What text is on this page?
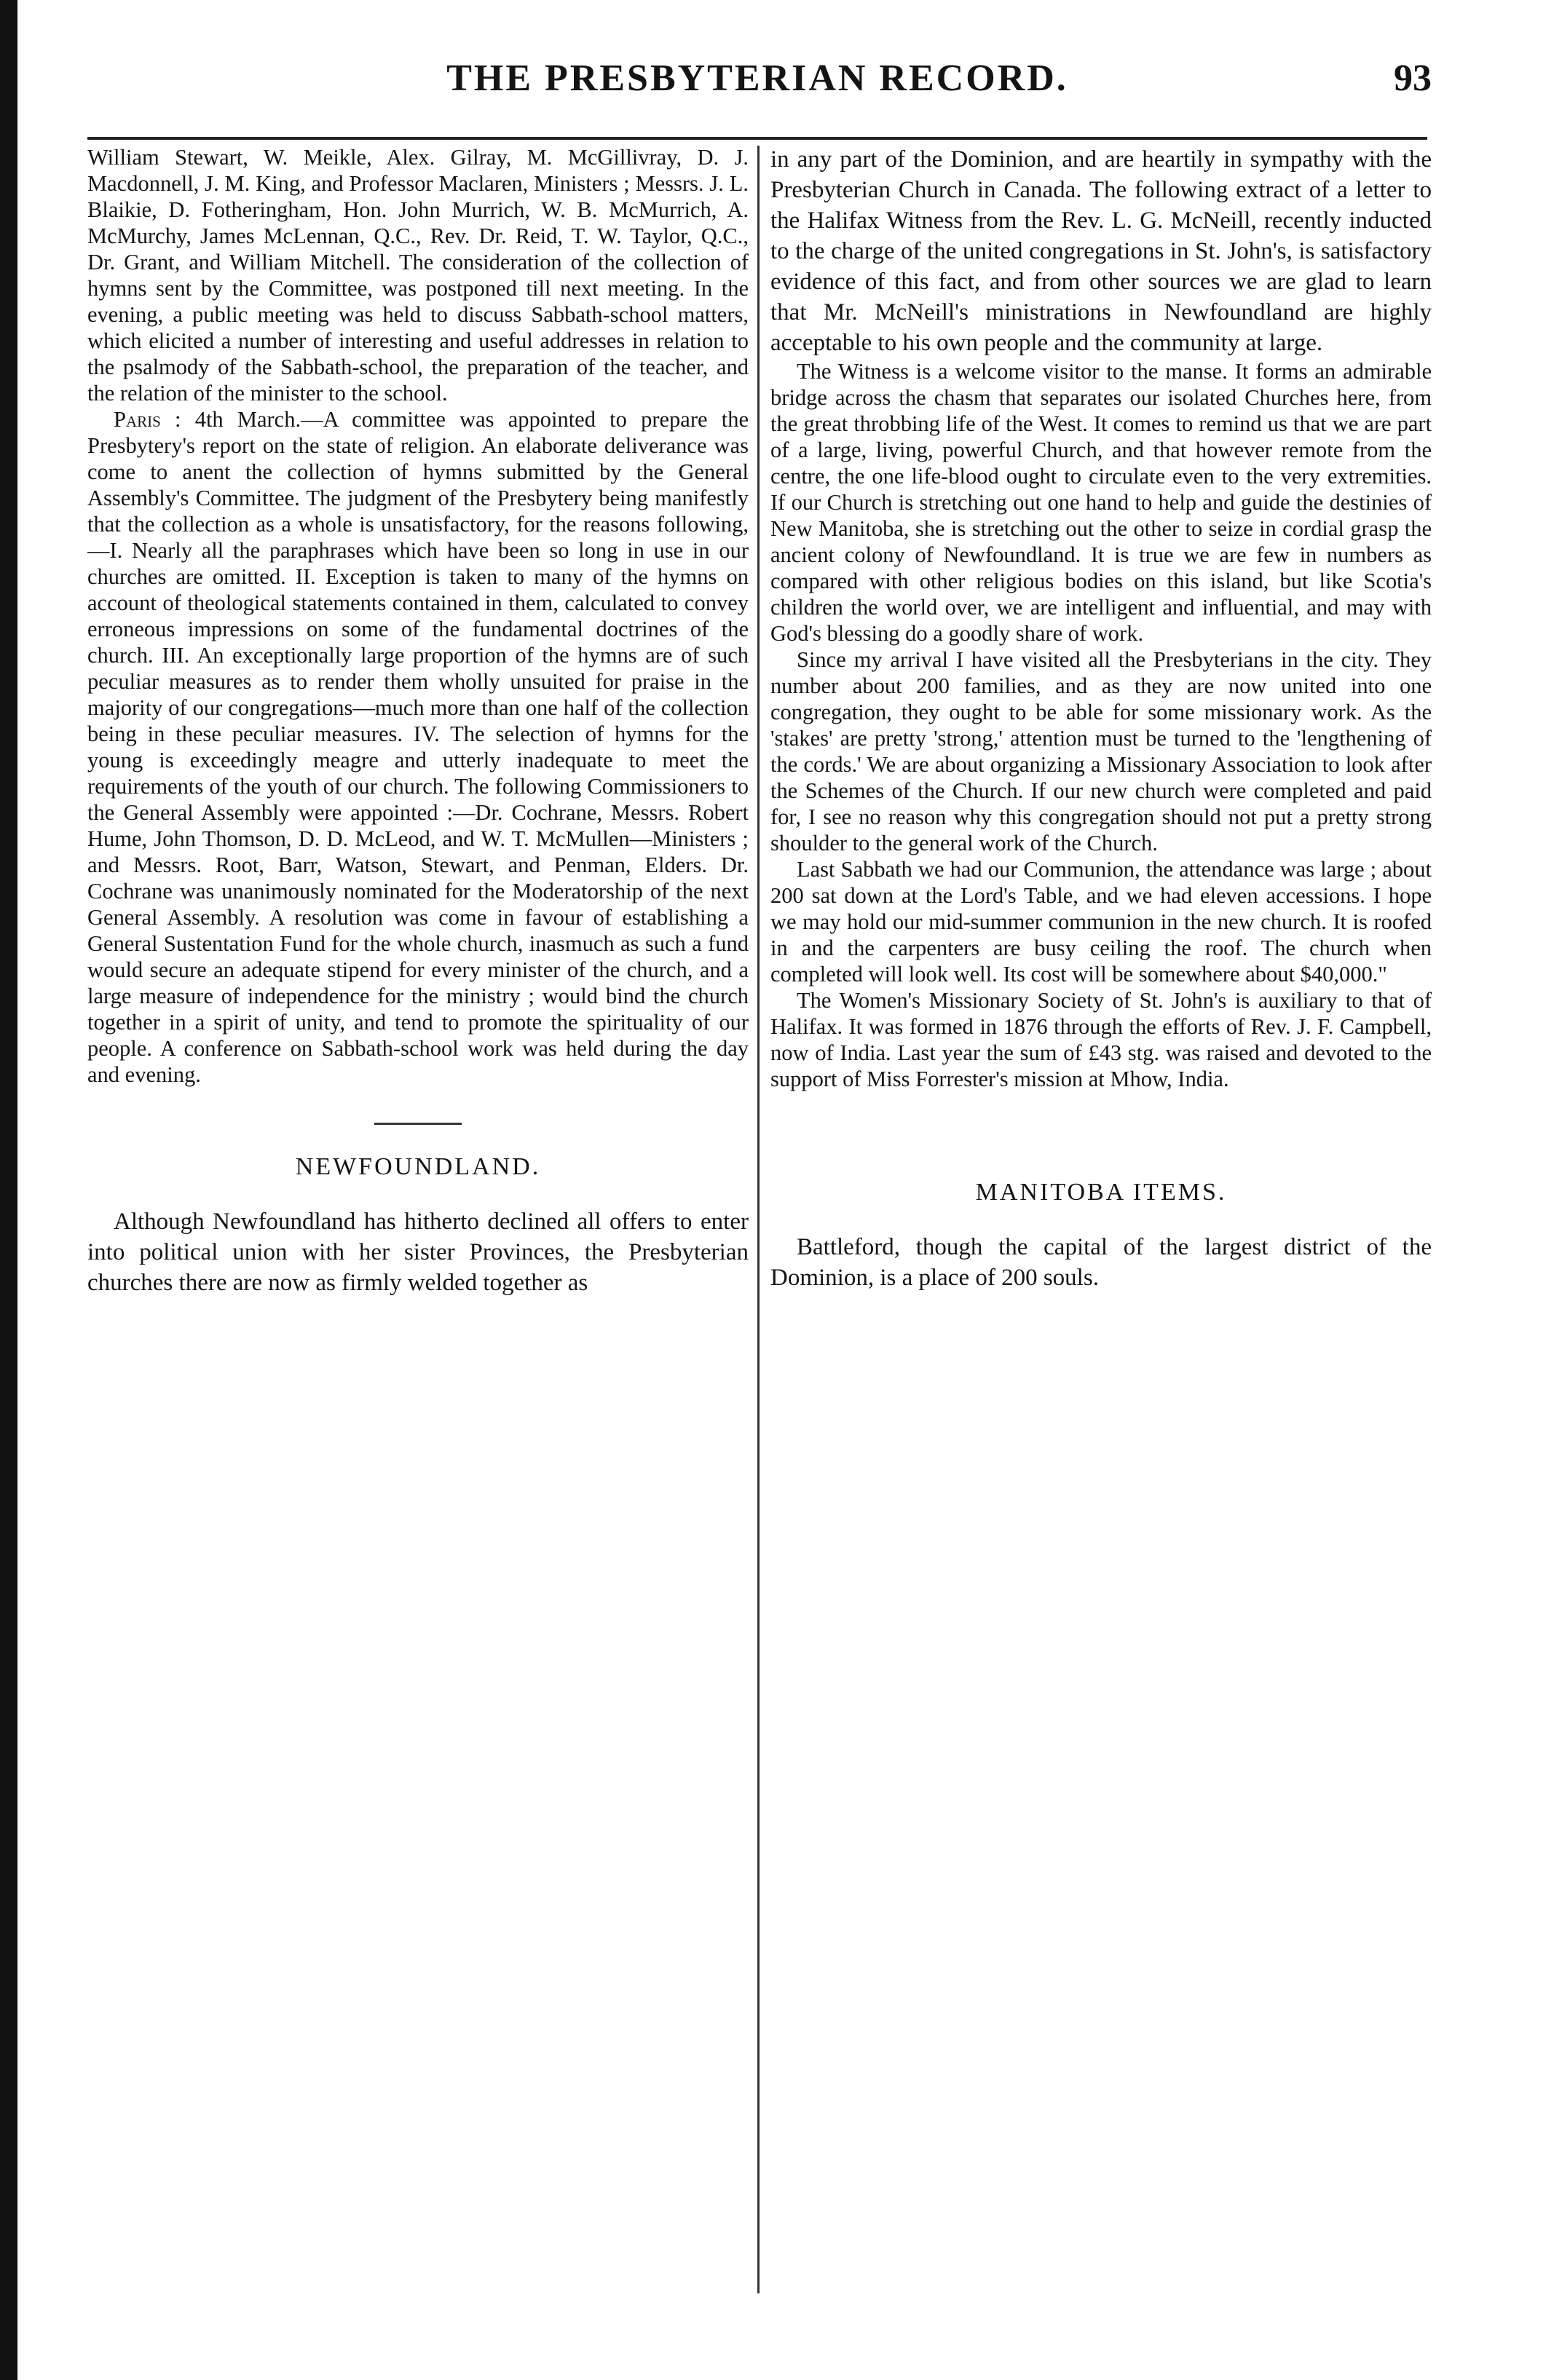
THE PRESBYTERIAN RECORD.	93

William Stewart, W. Meikle, Alex. Gilray, M. McGillivray, D. J. Macdonnell, J. M. King, and Professor Maclaren, Ministers ; Messrs. J. L. Blaikie, D. Fotheringham, Hon. John Murrich, W. B. McMurrich, A. McMurchy, James McLennan, Q.C., Rev. Dr. Reid, T. W. Taylor, Q.C., Dr. Grant, and William Mitchell. The consideration of the collection of hymns sent by the Committee, was postponed till next meeting. In the evening, a public meeting was held to discuss Sabbath-school matters, which elicited a number of interesting and useful addresses in relation to the psalmody of the Sabbath-school, the preparation of the teacher, and the relation of the minister to the school.

Paris : 4th March.—A committee was appointed to prepare the Presbytery's report on the state of religion. An elaborate deliverance was come to anent the collection of hymns submitted by the General Assembly's Committee. The judgment of the Presbytery being manifestly that the collection as a whole is unsatisfactory, for the reasons following,—I. Nearly all the paraphrases which have been so long in use in our churches are omitted. II. Exception is taken to many of the hymns on account of theological statements contained in them, calculated to convey erroneous impressions on some of the fundamental doctrines of the church. III. An exceptionally large proportion of the hymns are of such peculiar measures as to render them wholly unsuited for praise in the majority of our congregations—much more than one half of the collection being in these peculiar measures. IV. The selection of hymns for the young is exceedingly meagre and utterly inadequate to meet the requirements of the youth of our church. The following Commissioners to the General Assembly were appointed :—Dr. Cochrane, Messrs. Robert Hume, John Thomson, D. D. McLeod, and W. T. McMullen—Ministers ; and Messrs. Root, Barr, Watson, Stewart, and Penman, Elders. Dr. Cochrane was unanimously nominated for the Moderatorship of the next General Assembly. A resolution was come in favour of establishing a General Sustentation Fund for the whole church, inasmuch as such a fund would secure an adequate stipend for every minister of the church, and a large measure of independence for the ministry ; would bind the church together in a spirit of unity, and tend to promote the spirituality of our people. A conference on Sabbath-school work was held during the day and evening.

NEWFOUNDLAND.

Although Newfoundland has hitherto declined all offers to enter into political union with her sister Provinces, the Presbyterian churches there are now as firmly welded together as

in any part of the Dominion, and are heartily in sympathy with the Presbyterian Church in Canada. The following extract of a letter to the Halifax Witness from the Rev. L. G. McNeill, recently inducted to the charge of the united congregations in St. John's, is satisfactory evidence of this fact, and from other sources we are glad to learn that Mr. McNeill's ministrations in Newfoundland are highly acceptable to his own people and the community at large.

The Witness is a welcome visitor to the manse. It forms an admirable bridge across the chasm that separates our isolated Churches here, from the great throbbing life of the West. It comes to remind us that we are part of a large, living, powerful Church, and that however remote from the centre, the one life-blood ought to circulate even to the very extremities. If our Church is stretching out one hand to help and guide the destinies of New Manitoba, she is stretching out the other to seize in cordial grasp the ancient colony of Newfoundland. It is true we are few in numbers as compared with other religious bodies on this island, but like Scotia's children the world over, we are intelligent and influential, and may with God's blessing do a goodly share of work.

Since my arrival I have visited all the Presbyterians in the city. They number about 200 families, and as they are now united into one congregation, they ought to be able for some missionary work. As the 'stakes' are pretty 'strong,' attention must be turned to the 'lengthening of the cords.' We are about organizing a Missionary Association to look after the Schemes of the Church. If our new church were completed and paid for, I see no reason why this congregation should not put a pretty strong shoulder to the general work of the Church.

Last Sabbath we had our Communion, the attendance was large ; about 200 sat down at the Lord's Table, and we had eleven accessions. I hope we may hold our mid-summer communion in the new church. It is roofed in and the carpenters are busy ceiling the roof. The church when completed will look well. Its cost will be somewhere about $40,000."

The Women's Missionary Society of St. John's is auxiliary to that of Halifax. It was formed in 1876 through the efforts of Rev. J. F. Campbell, now of India. Last year the sum of £43 stg. was raised and devoted to the support of Miss Forrester's mission at Mhow, India.

MANITOBA ITEMS.

Battleford, though the capital of the largest district of the Dominion, is a place of 200 souls.
